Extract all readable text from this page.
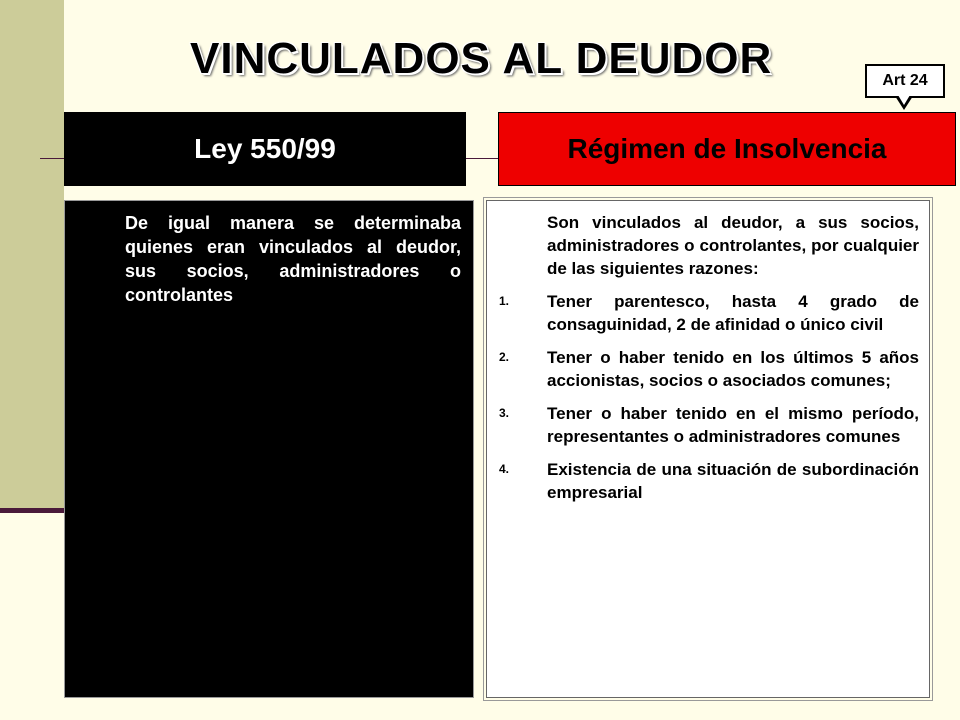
VINCULADOS AL DEUDOR	Art 24
Ley 550/99	Régimen de Insolvencia

De igual manera se determinaba quienes eran vinculados al deudor, sus socios, administradores o controlantes

Son vinculados al deudor, a sus socios, administradores o controlantes, por cualquier de las siguientes razones:

1.	Tener parentesco, hasta 4 grado de consaguinidad, 2 de afinidad o único civil
2.	Tener o haber tenido en los últimos 5 años accionistas, socios o asociados comunes;
3.	Tener o haber tenido en el mismo período, representantes o administradores comunes
4.	Existencia de una situación de subordinación empresarial
